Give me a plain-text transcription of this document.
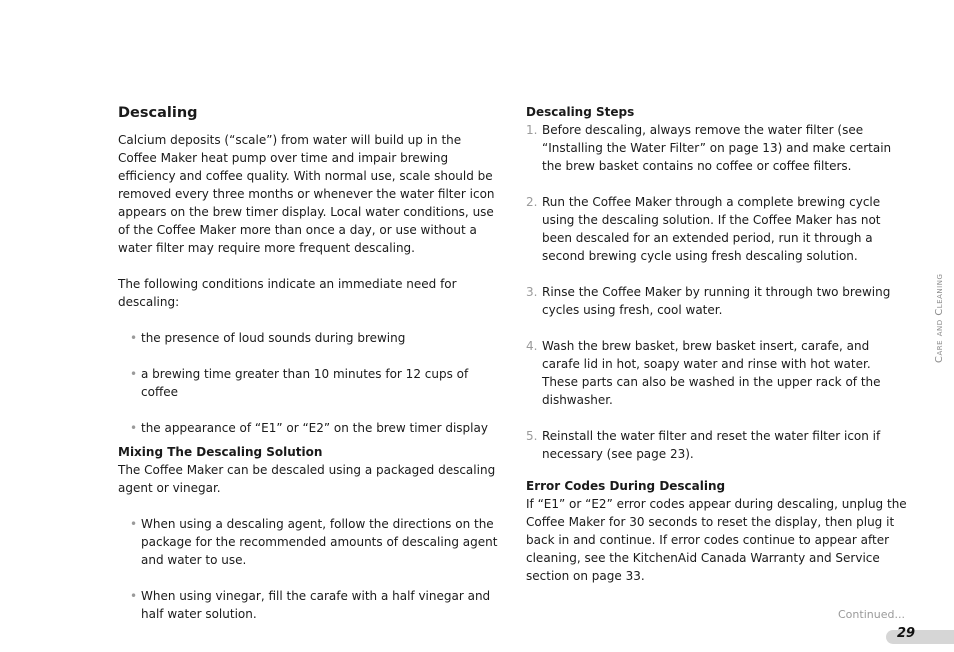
Descaling

Calcium deposits (“scale”) from water will build up in the Coffee Maker heat pump over time and impair brewing efficiency and coffee quality. With normal use, scale should be removed every three months or whenever the water filter icon appears on the brew timer display. Local water conditions, use of the Coffee Maker more than once a day, or use without a water filter may require more frequent descaling.

The following conditions indicate an immediate need for descaling:

• the presence of loud sounds during brewing
• a brewing time greater than 10 minutes for 12 cups of coffee
• the appearance of “E1” or “E2” on the brew timer display
Mixing The Descaling Solution

The Coffee Maker can be descaled using a packaged descaling agent or vinegar.

• When using a descaling agent, follow the directions on the package for the recommended amounts of descaling agent and water to use.
• When using vinegar, fill the carafe with a half vinegar and half water solution.
Descaling Steps
1. Before descaling, always remove the water filter (see “Installing the Water Filter” on page 13) and make certain the brew basket contains no coffee or coffee filters.
2. Run the Coffee Maker through a complete brewing cycle using the descaling solution. If the Coffee Maker has not been descaled for an extended period, run it through a second brewing cycle using fresh descaling solution.
3. Rinse the Coffee Maker by running it through two brewing cycles using fresh, cool water.
4. Wash the brew basket, brew basket insert, carafe, and carafe lid in hot, soapy water and rinse with hot water. These parts can also be washed in the upper rack of the dishwasher.
5. Reinstall the water filter and reset the water filter icon if necessary (see page 23).
Error Codes During Descaling

If “E1” or “E2” error codes appear during descaling, unplug the Coffee Maker for 30 seconds to reset the display, then plug it back in and continue. If error codes continue to appear after cleaning, see the KitchenAid Canada Warranty and Service section on page 33.

Care and Cleaning
Continued...
29
